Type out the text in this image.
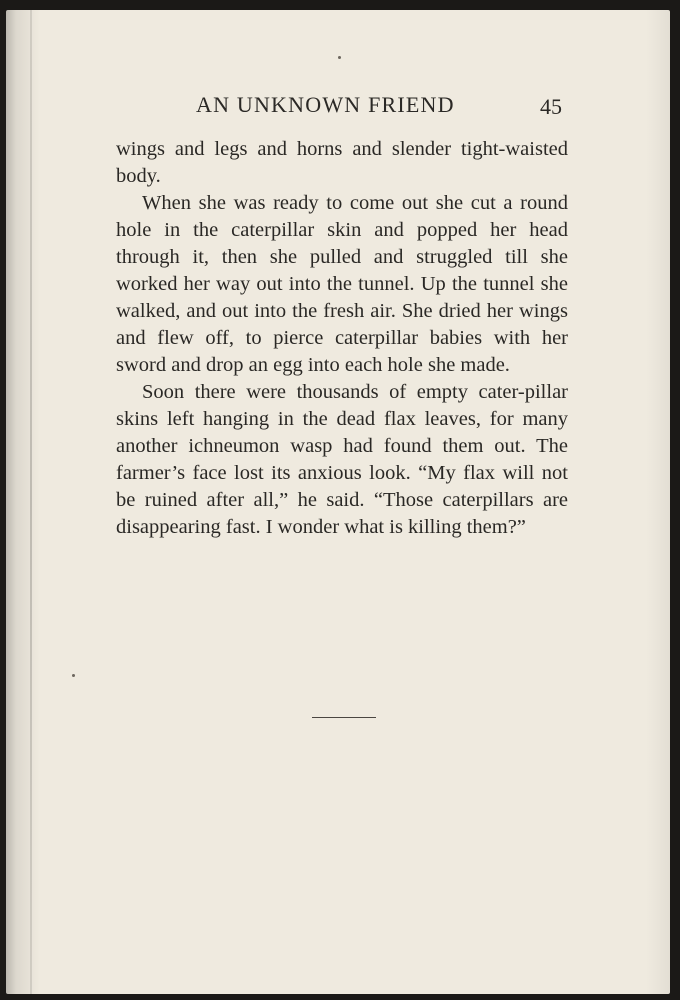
AN UNKNOWN FRIEND	45

wings and legs and horns and slender tight-waisted body.

When she was ready to come out she cut a round hole in the caterpillar skin and popped her head through it, then she pulled and struggled till she worked her way out into the tunnel. Up the tunnel she walked, and out into the fresh air. She dried her wings and flew off, to pierce caterpillar babies with her sword and drop an egg into each hole she made.

Soon there were thousands of empty cater-pillar skins left hanging in the dead flax leaves, for many another ichneumon wasp had found them out. The farmer’s face lost its anxious look. “My flax will not be ruined after all,” he said. “Those caterpillars are disappearing fast. I wonder what is killing them?”
